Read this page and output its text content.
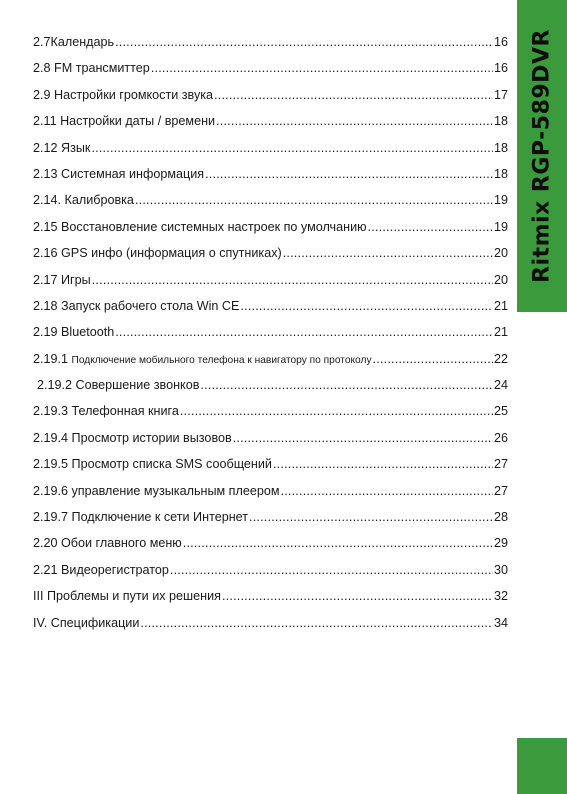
2.7Календарь .....	16
2.8 FM трансмиттер .....	16
2.9 Настройки громкости звука .....	17
2.11 Настройки даты / времени .....	18
2.12 Язык .....	18
2.13 Системная информация .....	18
2.14. Калибровка .....	19
2.15 Восстановление системных настроек по умолчанию .....	19
2.16 GPS инфо (информация о спутниках) .....	20
2.17 Игры .....	20
2.18 Запуск рабочего стола Win CE .....	21
2.19 Bluetooth .....	21
2.19.1 Подключение мобильного телефона к навигатору по протоколу .....	22
2.19.2 Совершение звонков .....	24
2.19.3 Телефонная книга .....	25
2.19.4 Просмотр истории вызовов .....	26
2.19.5 Просмотр списка SMS сообщений .....	27
2.19.6 управление музыкальным плеером .....	27
2.19.7 Подключение к сети Интернет .....	28
2.20 Обои главного меню .....	29
2.21 Видеорегистратор .....	30
III Проблемы и пути их решения .....	32
IV. Спецификации .....	34
Ritmix RGP-589DVR
